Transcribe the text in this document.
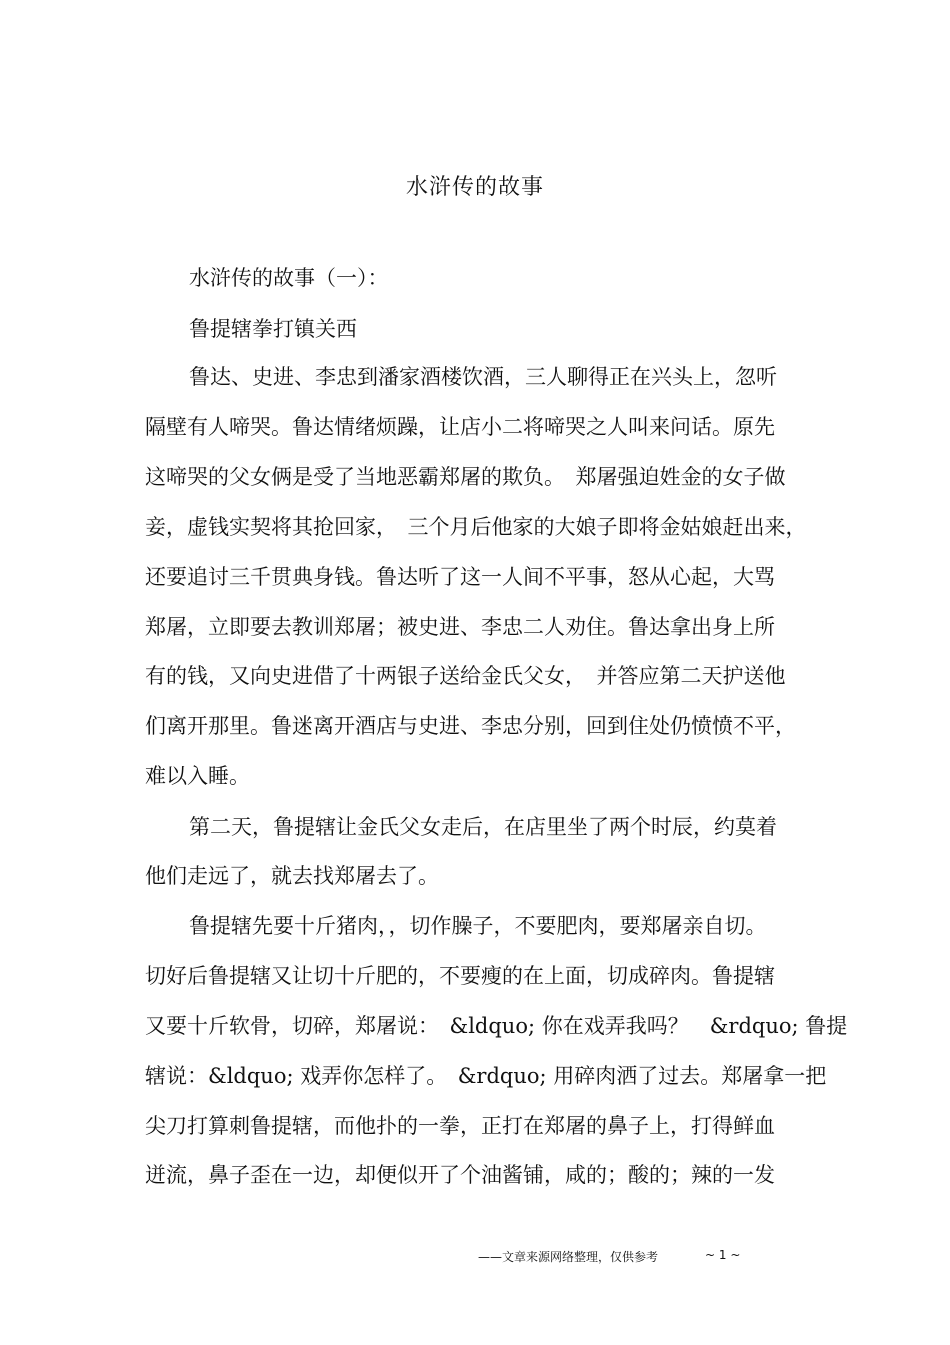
水浒传的故事
水浒传的故事（一）：
鲁提辖拳打镇关西
鲁达、史进、李忠到潘家酒楼饮酒，三人聊得正在兴头上，忽听
隔壁有人啼哭。鲁达情绪烦躁，让店小二将啼哭之人叫来问话。原先
这啼哭的父女俩是受了当地恶霸郑屠的欺负。　郑屠强迫姓金的女子做
妾，虚钱实契将其抢回家，　三个月后他家的大娘子即将金姑娘赶出来，
还要追讨三千贯典身钱。鲁达听了这一人间不平事，怒从心起，大骂
郑屠，立即要去教训郑屠；被史进、李忠二人劝住。鲁达拿出身上所
有的钱，又向史进借了十两银子送给金氏父女，　并答应第二天护送他
们离开那里。鲁迷离开酒店与史进、李忠分别，回到住处仍愤愤不平，
难以入睡。
第二天，鲁提辖让金氏父女走后，在店里坐了两个时辰，约莫着
他们走远了，就去找郑屠去了。
鲁提辖先要十斤猪肉，，切作臊子，不要肥肉，要郑屠亲自切。
切好后鲁提辖又让切十斤肥的，不要瘦的在上面，切成碎肉。鲁提辖
又要十斤软骨，切碎，郑屠说：　&ldquo; 你在戏弄我吗？　&rdquo; 鲁提
辖说：&ldquo; 戏弄你怎样了。　&rdquo; 用碎肉洒了过去。郑屠拿一把
尖刀打算刺鲁提辖，而他扑的一拳，正打在郑屠的鼻子上，打得鲜血
迸流，鼻子歪在一边，却便似开了个油酱铺，咸的；酸的；辣的一发
——文章来源网络整理，仅供参考	~ 1 ~
